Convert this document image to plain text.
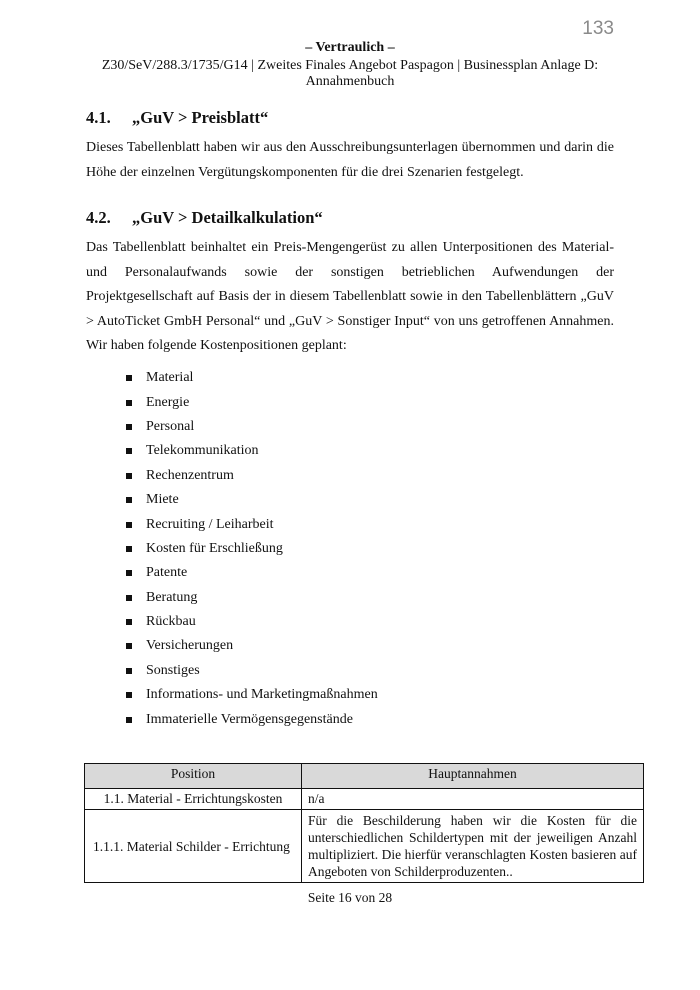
133
– Vertraulich –
Z30/SeV/288.3/1735/G14 | Zweites Finales Angebot Paspagon | Businessplan Anlage D: Annahmenbuch
4.1. „GuV > Preisblatt“
Dieses Tabellenblatt haben wir aus den Ausschreibungsunterlagen übernommen und darin die Höhe der einzelnen Vergütungskomponenten für die drei Szenarien festgelegt.
4.2. „GuV > Detailkalkulation“
Das Tabellenblatt beinhaltet ein Preis-Mengengerüst zu allen Unterpositionen des Material- und Personalaufwands sowie der sonstigen betrieblichen Aufwendungen der Projektgesellschaft auf Basis der in diesem Tabellenblatt sowie in den Tabellenblättern „GuV > AutoTicket GmbH Personal“ und „GuV > Sonstiger Input“ von uns getroffenen Annahmen. Wir haben folgende Kostenpositionen geplant:
Material
Energie
Personal
Telekommunikation
Rechenzentrum
Miete
Recruiting / Leiharbeit
Kosten für Erschließung
Patente
Beratung
Rückbau
Versicherungen
Sonstiges
Informations- und Marketingmaßnahmen
Immaterielle Vermögensgegenstände
Position	Hauptannahmen
1.1. Material - Errichtungskosten	n/a
1.1.1. Material Schilder - Errichtung	Für die Beschilderung haben wir die Kosten für die unterschiedlichen Schildertypen mit der jeweiligen Anzahl multipliziert. Die hierfür veranschlagten Kosten basieren auf Angeboten von Schilderproduzenten..
Seite 16 von 28
